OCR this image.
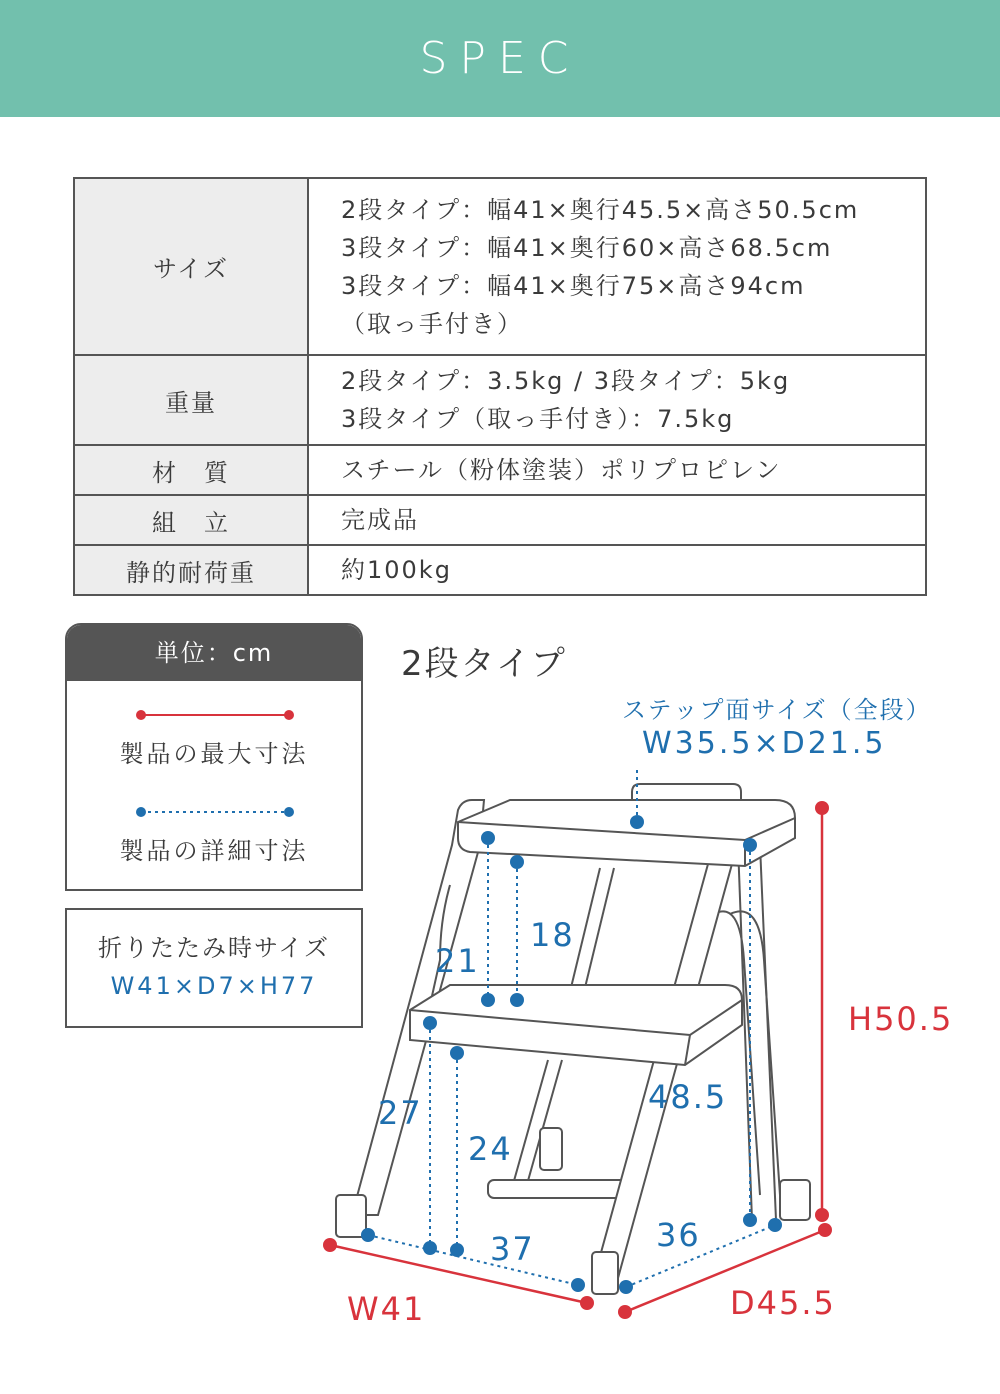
SPEC
サイズ	2段タイプ：幅41×奥行45.5×高さ50.5cm
3段タイプ：幅41×奥行60×高さ68.5cm
3段タイプ：幅41×奥行75×高さ94cm
（取っ手付き）

重量	2段タイプ：3.5kg / 3段タイプ：5kg
3段タイプ（取っ手付き）：7.5kg

材　質	スチール（粉体塗装）ポリプロピレン
組　立	完成品
静的耐荷重	約100kg
単位：cm
製品の最大寸法
製品の詳細寸法
折りたたみ時サイズ
W41×D7×H77
2段タイプ
ステップ面サイズ（全段）
W35.5×D21.5
18
21
27
24
48.5
37	36
H50.5
W41	D45.5
